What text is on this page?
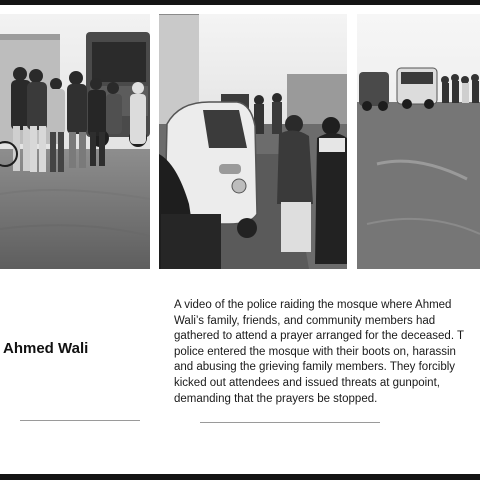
Ahmed Wali
A video of the police raiding the mosque where Ahmed
Wali’s family, friends, and community members had
gathered to attend a prayer arranged for the deceased. T
police entered the mosque with their boots on, harassin
and abusing the grieving family members. They forcibly
kicked out attendees and issued threats at gunpoint,
demanding that the prayers be stopped.
